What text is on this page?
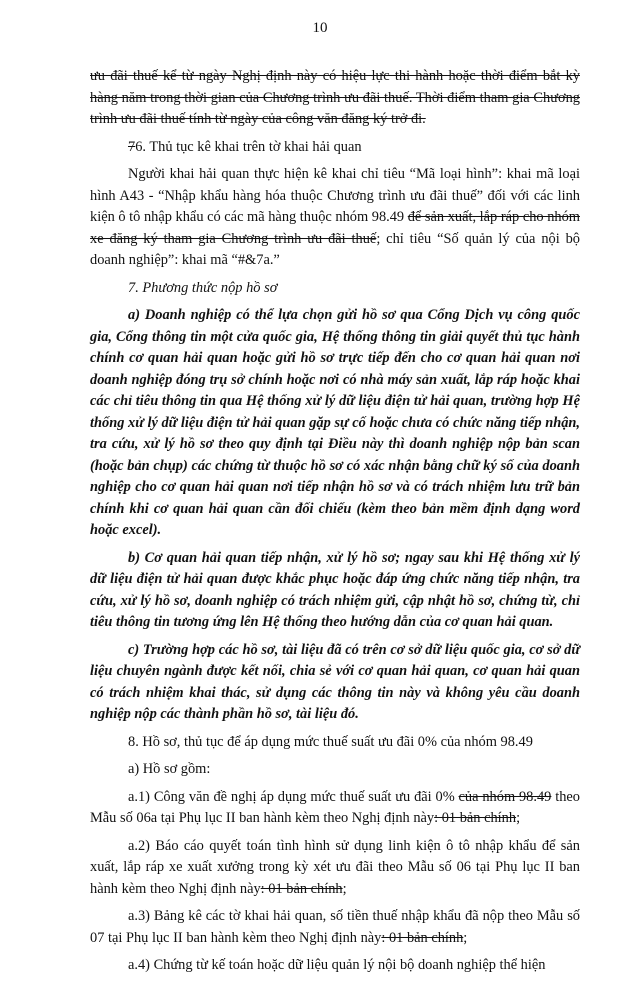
10

ưu đãi thuế kể từ ngày Nghị định này có hiệu lực thi hành hoặc thời điểm bắt kỳ hàng năm trong thời gian của Chương trình ưu đãi thuế. Thời điểm tham gia Chương trình ưu đãi thuế tính từ ngày của công văn đăng ký trở đi.

76. Thủ tục kê khai trên tờ khai hải quan

Người khai hải quan thực hiện kê khai chỉ tiêu “Mã loại hình”: khai mã loại hình A43 - “Nhập khẩu hàng hóa thuộc Chương trình ưu đãi thuế” đối với các linh kiện ô tô nhập khẩu có các mã hàng thuộc nhóm 98.49 để sản xuất, lắp ráp cho nhóm xe đăng ký tham gia Chương trình ưu đãi thuế; chỉ tiêu “Số quản lý của nội bộ doanh nghiệp”: khai mã “#&7a.”

7. Phương thức nộp hồ sơ

a) Doanh nghiệp có thể lựa chọn gửi hồ sơ qua Cổng Dịch vụ công quốc gia, Cổng thông tin một cửa quốc gia, Hệ thống thông tin giải quyết thủ tục hành chính cơ quan hải quan hoặc gửi hồ sơ trực tiếp đến cho cơ quan hải quan nơi doanh nghiệp đóng trụ sở chính hoặc nơi có nhà máy sản xuất, lắp ráp hoặc khai các chỉ tiêu thông tin qua Hệ thống xử lý dữ liệu điện tử hải quan, trường hợp Hệ thống xử lý dữ liệu điện tử hải quan gặp sự cố hoặc chưa có chức năng tiếp nhận, tra cứu, xử lý hồ sơ theo quy định tại Điều này thì doanh nghiệp nộp bản scan (hoặc bản chụp) các chứng từ thuộc hồ sơ có xác nhận bằng chữ ký số của doanh nghiệp cho cơ quan hải quan nơi tiếp nhận hồ sơ và có trách nhiệm lưu trữ bản chính khi cơ quan hải quan cần đối chiếu (kèm theo bản mềm định dạng word hoặc excel).

b) Cơ quan hải quan tiếp nhận, xử lý hồ sơ; ngay sau khi Hệ thống xử lý dữ liệu điện tử hải quan được khắc phục hoặc đáp ứng chức năng tiếp nhận, tra cứu, xử lý hồ sơ, doanh nghiệp có trách nhiệm gửi, cập nhật hồ sơ, chứng từ, chỉ tiêu thông tin tương ứng lên Hệ thống theo hướng dẫn của cơ quan hải quan.

c) Trường hợp các hồ sơ, tài liệu đã có trên cơ sở dữ liệu quốc gia, cơ sở dữ liệu chuyên ngành được kết nối, chia sẻ với cơ quan hải quan, cơ quan hải quan có trách nhiệm khai thác, sử dụng các thông tin này và không yêu cầu doanh nghiệp nộp các thành phần hồ sơ, tài liệu đó.

8. Hồ sơ, thủ tục để áp dụng mức thuế suất ưu đãi 0% của nhóm 98.49

a) Hồ sơ gồm:

a.1) Công văn đề nghị áp dụng mức thuế suất ưu đãi 0% của nhóm 98.49 theo Mẫu số 06a tại Phụ lục II ban hành kèm theo Nghị định này: 01 bản chính;

a.2) Báo cáo quyết toán tình hình sử dụng linh kiện ô tô nhập khẩu để sản xuất, lắp ráp xe xuất xưởng trong kỳ xét ưu đãi theo Mẫu số 06 tại Phụ lục II ban hành kèm theo Nghị định này: 01 bản chính;

a.3) Bảng kê các tờ khai hải quan, số tiền thuế nhập khẩu đã nộp theo Mẫu số 07 tại Phụ lục II ban hành kèm theo Nghị định này: 01 bản chính;

a.4) Chứng từ kế toán hoặc dữ liệu quản lý nội bộ doanh nghiệp thể hiện
